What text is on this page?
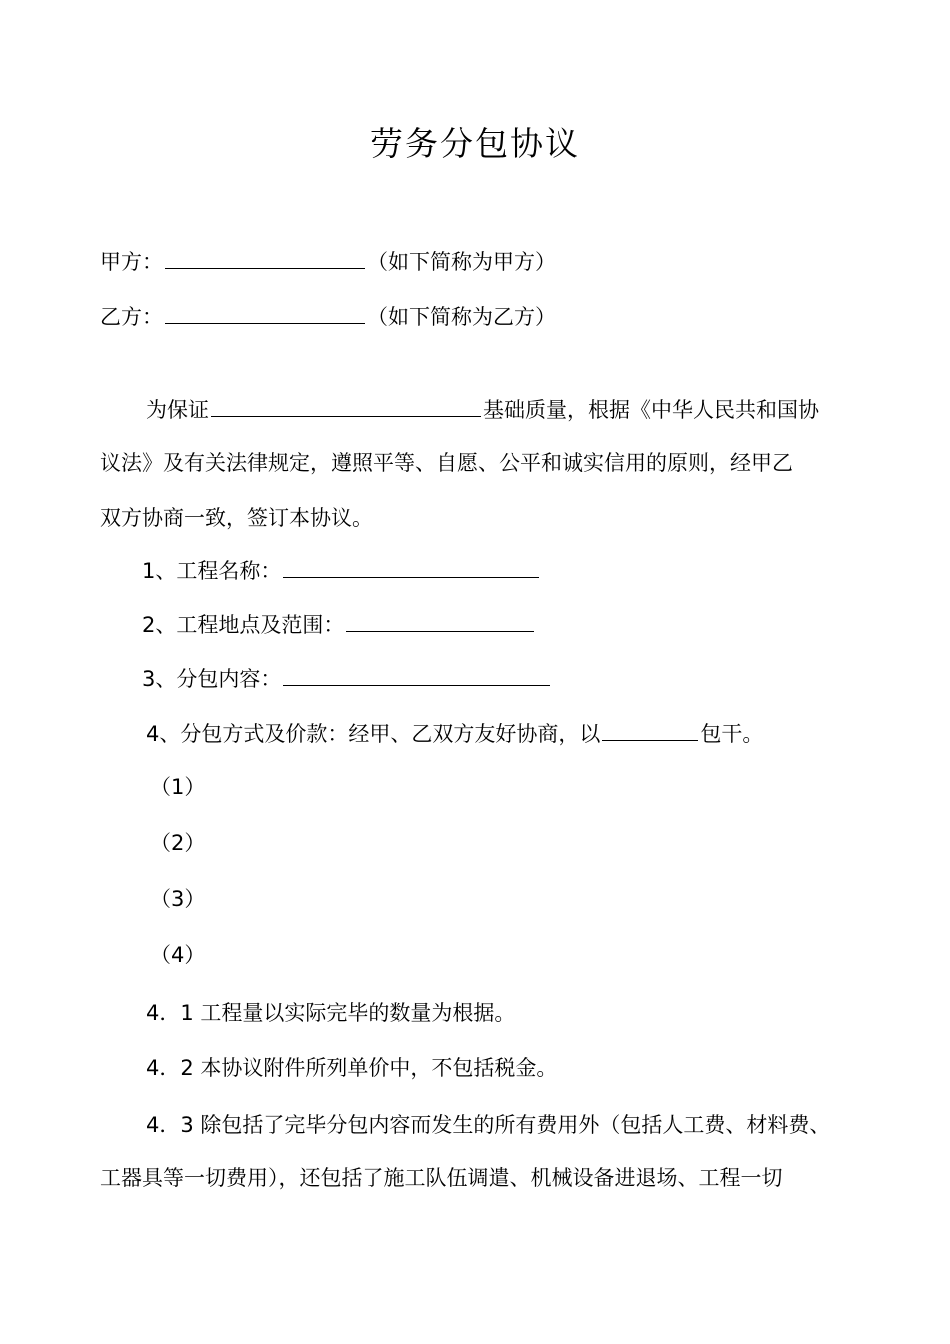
劳务分包协议
甲方：	（如下简称为甲方）
乙方：	（如下简称为乙方）
为保证	基础质量，根据《中华人民共和国协
议法》及有关法律规定，遵照平等、自愿、公平和诚实信用的原则，经甲乙
双方协商一致，签订本协议。
1、工程名称：
2、工程地点及范围：
3、分包内容：
4、分包方式及价款：经甲、乙双方友好协商，以	包干。
（1）
（2）
（3）
（4）
4．1 工程量以实际完毕的数量为根据。
4．2 本协议附件所列单价中，不包括税金。
4．3 除包括了完毕分包内容而发生的所有费用外（包括人工费、材料费、
工器具等一切费用），还包括了施工队伍调遣、机械设备进退场、工程一切
